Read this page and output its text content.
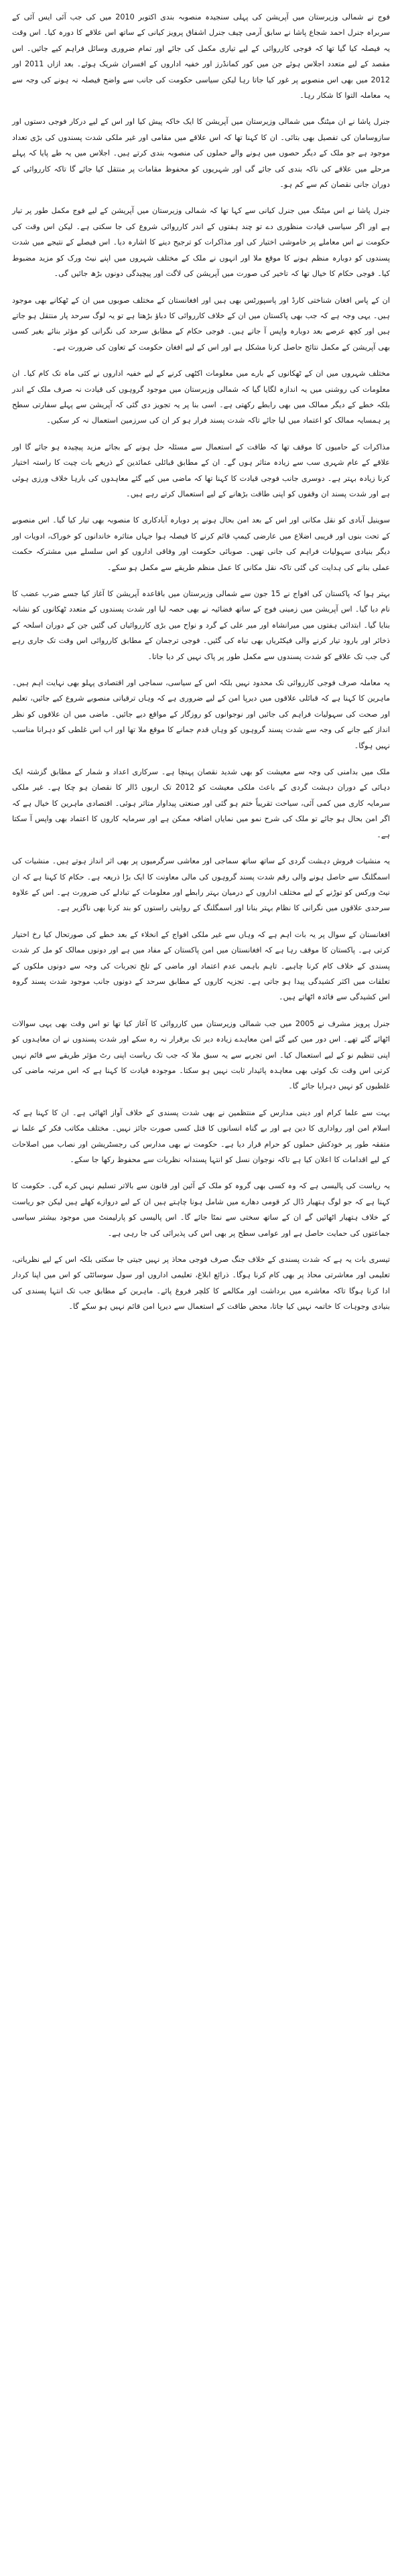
فوج نے شمالی وزیرستان میں آپریشن کی پہلی سنجیدہ منصوبہ بندی اکتوبر 2010 میں کی جب آئی ایس آئی کے سربراہ جنرل احمد شجاع پاشا نے سابق آرمی چیف جنرل اشفاق پرویز کیانی کے ساتھ اس علاقے کا دورہ کیا۔ اس وقت یہ فیصلہ کیا گیا تھا کہ فوجی کارروائی کے لیے تیاری مکمل کی جائے اور تمام ضروری وسائل فراہم کیے جائیں۔ اس مقصد کے لیے متعدد اجلاس ہوئے جن میں کور کمانڈرز اور خفیہ اداروں کے افسران شریک ہوئے۔ بعد ازاں 2011 اور 2012 میں بھی اس منصوبے پر غور کیا جاتا رہا لیکن سیاسی حکومت کی جانب سے واضح فیصلہ نہ ہونے کی وجہ سے یہ معاملہ التوا کا شکار رہا۔

جنرل پاشا نے ان میٹنگ میں شمالی وزیرستان میں آپریشن کا ایک خاکہ پیش کیا اور اس کے لیے درکار فوجی دستوں اور سازوسامان کی تفصیل بھی بتائی۔ ان کا کہنا تھا کہ اس علاقے میں مقامی اور غیر ملکی شدت پسندوں کی بڑی تعداد موجود ہے جو ملک کے دیگر حصوں میں ہونے والے حملوں کی منصوبہ بندی کرتے ہیں۔ اجلاس میں یہ طے پایا کہ پہلے مرحلے میں علاقے کی ناکہ بندی کی جائے گی اور شہریوں کو محفوظ مقامات پر منتقل کیا جائے گا تاکہ کارروائی کے دوران جانی نقصان کم سے کم ہو۔

جنرل پاشا نے اس میٹنگ میں جنرل کیانی سے کہا تھا کہ شمالی وزیرستان میں آپریشن کے لیے فوج مکمل طور پر تیار ہے اور اگر سیاسی قیادت منظوری دے تو چند ہفتوں کے اندر کارروائی شروع کی جا سکتی ہے۔ لیکن اس وقت کی حکومت نے اس معاملے پر خاموشی اختیار کی اور مذاکرات کو ترجیح دینے کا اشارہ دیا۔ اس فیصلے کے نتیجے میں شدت پسندوں کو دوبارہ منظم ہونے کا موقع ملا اور انہوں نے ملک کے مختلف شہروں میں اپنے نیٹ ورک کو مزید مضبوط کیا۔ فوجی حکام کا خیال تھا کہ تاخیر کی صورت میں آپریشن کی لاگت اور پیچیدگی دونوں بڑھ جائیں گی۔

ان کے پاس افغان شناختی کارڈ اور پاسپورٹس بھی ہیں اور افغانستان کے مختلف صوبوں میں ان کے ٹھکانے بھی موجود ہیں۔ یہی وجہ ہے کہ جب بھی پاکستان میں ان کے خلاف کارروائی کا دباؤ بڑھتا ہے تو یہ لوگ سرحد پار منتقل ہو جاتے ہیں اور کچھ عرصے بعد دوبارہ واپس آ جاتے ہیں۔ فوجی حکام کے مطابق سرحد کی نگرانی کو مؤثر بنائے بغیر کسی بھی آپریشن کے مکمل نتائج حاصل کرنا مشکل ہے اور اس کے لیے افغان حکومت کے تعاون کی ضرورت ہے۔

مختلف شہروں میں ان کے ٹھکانوں کے بارے میں معلومات اکٹھی کرنے کے لیے خفیہ اداروں نے کئی ماہ تک کام کیا۔ ان معلومات کی روشنی میں یہ اندازہ لگایا گیا کہ شمالی وزیرستان میں موجود گروہوں کی قیادت نہ صرف ملک کے اندر بلکہ خطے کے دیگر ممالک میں بھی رابطے رکھتی ہے۔ اسی بنا پر یہ تجویز دی گئی کہ آپریشن سے پہلے سفارتی سطح پر ہمسایہ ممالک کو اعتماد میں لیا جائے تاکہ شدت پسند فرار ہو کر ان کی سرزمین استعمال نہ کر سکیں۔

مذاکرات کے حامیوں کا موقف تھا کہ طاقت کے استعمال سے مسئلہ حل ہونے کے بجائے مزید پیچیدہ ہو جائے گا اور علاقے کے عام شہری سب سے زیادہ متاثر ہوں گے۔ ان کے مطابق قبائلی عمائدین کے ذریعے بات چیت کا راستہ اختیار کرنا زیادہ بہتر ہے۔ دوسری جانب فوجی قیادت کا کہنا تھا کہ ماضی میں کیے گئے معاہدوں کی بارہا خلاف ورزی ہوئی ہے اور شدت پسند ان وقفوں کو اپنی طاقت بڑھانے کے لیے استعمال کرتے رہے ہیں۔

سوینیل آبادی کو نقل مکانی اور اس کے بعد امن بحال ہونے پر دوبارہ آبادکاری کا منصوبہ بھی تیار کیا گیا۔ اس منصوبے کے تحت بنوں اور قریبی اضلاع میں عارضی کیمپ قائم کرنے کا فیصلہ ہوا جہاں متاثرہ خاندانوں کو خوراک، ادویات اور دیگر بنیادی سہولیات فراہم کی جانی تھیں۔ صوبائی حکومت اور وفاقی اداروں کو اس سلسلے میں مشترکہ حکمت عملی بنانے کی ہدایت کی گئی تاکہ نقل مکانی کا عمل منظم طریقے سے مکمل ہو سکے۔

بہتر ہوا کہ پاکستان کی افواج نے 15 جون سے شمالی وزیرستان میں باقاعدہ آپریشن کا آغاز کیا جسے ضرب عضب کا نام دیا گیا۔ اس آپریشن میں زمینی فوج کے ساتھ فضائیہ نے بھی حصہ لیا اور شدت پسندوں کے متعدد ٹھکانوں کو نشانہ بنایا گیا۔ ابتدائی ہفتوں میں میرانشاہ اور میر علی کے گرد و نواح میں بڑی کارروائیاں کی گئیں جن کے دوران اسلحہ کے ذخائر اور بارود تیار کرنے والی فیکٹریاں بھی تباہ کی گئیں۔ فوجی ترجمان کے مطابق کارروائی اس وقت تک جاری رہے گی جب تک علاقے کو شدت پسندوں سے مکمل طور پر پاک نہیں کر دیا جاتا۔

یہ معاملہ صرف فوجی کارروائی تک محدود نہیں بلکہ اس کے سیاسی، سماجی اور اقتصادی پہلو بھی نہایت اہم ہیں۔ ماہرین کا کہنا ہے کہ قبائلی علاقوں میں دیرپا امن کے لیے ضروری ہے کہ وہاں ترقیاتی منصوبے شروع کیے جائیں، تعلیم اور صحت کی سہولیات فراہم کی جائیں اور نوجوانوں کو روزگار کے مواقع دیے جائیں۔ ماضی میں ان علاقوں کو نظر انداز کیے جانے کی وجہ سے شدت پسند گروہوں کو وہاں قدم جمانے کا موقع ملا تھا اور اب اس غلطی کو دہرانا مناسب نہیں ہوگا۔

ملک میں بدامنی کی وجہ سے معیشت کو بھی شدید نقصان پہنچا ہے۔ سرکاری اعداد و شمار کے مطابق گزشتہ ایک دہائی کے دوران دہشت گردی کے باعث ملکی معیشت کو 2012 تک اربوں ڈالر کا نقصان ہو چکا ہے۔ غیر ملکی سرمایہ کاری میں کمی آئی، سیاحت تقریباً ختم ہو گئی اور صنعتی پیداوار متاثر ہوئی۔ اقتصادی ماہرین کا خیال ہے کہ اگر امن بحال ہو جائے تو ملک کی شرح نمو میں نمایاں اضافہ ممکن ہے اور سرمایہ کاروں کا اعتماد بھی واپس آ سکتا ہے۔

یہ منشیات فروش دہشت گردی کے ساتھ ساتھ سماجی اور معاشی سرگرمیوں پر بھی اثر انداز ہوتے ہیں۔ منشیات کی اسمگلنگ سے حاصل ہونے والی رقم شدت پسند گروہوں کی مالی معاونت کا ایک بڑا ذریعہ ہے۔ حکام کا کہنا ہے کہ ان نیٹ ورکس کو توڑنے کے لیے مختلف اداروں کے درمیان بہتر رابطے اور معلومات کے تبادلے کی ضرورت ہے۔ اس کے علاوہ سرحدی علاقوں میں نگرانی کا نظام بہتر بنانا اور اسمگلنگ کے روایتی راستوں کو بند کرنا بھی ناگزیر ہے۔

افغانستان کے سوال پر یہ بات اہم ہے کہ وہاں سے غیر ملکی افواج کے انخلاء کے بعد خطے کی صورتحال کیا رخ اختیار کرتی ہے۔ پاکستان کا موقف رہا ہے کہ افغانستان میں امن پاکستان کے مفاد میں ہے اور دونوں ممالک کو مل کر شدت پسندی کے خلاف کام کرنا چاہیے۔ تاہم باہمی عدم اعتماد اور ماضی کے تلخ تجربات کی وجہ سے دونوں ملکوں کے تعلقات میں اکثر کشیدگی پیدا ہو جاتی ہے۔ تجزیہ کاروں کے مطابق سرحد کے دونوں جانب موجود شدت پسند گروہ اس کشیدگی سے فائدہ اٹھاتے ہیں۔

جنرل پرویز مشرف نے 2005 میں جب شمالی وزیرستان میں کارروائی کا آغاز کیا تھا تو اس وقت بھی یہی سوالات اٹھائے گئے تھے۔ اس دور میں کیے گئے امن معاہدے زیادہ دیر تک برقرار نہ رہ سکے اور شدت پسندوں نے ان معاہدوں کو اپنی تنظیم نو کے لیے استعمال کیا۔ اس تجربے سے یہ سبق ملا کہ جب تک ریاست اپنی رٹ مؤثر طریقے سے قائم نہیں کرتی اس وقت تک کوئی بھی معاہدہ پائیدار ثابت نہیں ہو سکتا۔ موجودہ قیادت کا کہنا ہے کہ اس مرتبہ ماضی کی غلطیوں کو نہیں دہرایا جائے گا۔

بہت سے علما کرام اور دینی مدارس کے منتظمین نے بھی شدت پسندی کے خلاف آواز اٹھائی ہے۔ ان کا کہنا ہے کہ اسلام امن اور رواداری کا دین ہے اور بے گناہ انسانوں کا قتل کسی صورت جائز نہیں۔ مختلف مکاتب فکر کے علما نے متفقہ طور پر خودکش حملوں کو حرام قرار دیا ہے۔ حکومت نے بھی مدارس کی رجسٹریشن اور نصاب میں اصلاحات کے لیے اقدامات کا اعلان کیا ہے تاکہ نوجوان نسل کو انتہا پسندانہ نظریات سے محفوظ رکھا جا سکے۔

یہ ریاست کی پالیسی ہے کہ وہ کسی بھی گروہ کو ملک کے آئین اور قانون سے بالاتر تسلیم نہیں کرے گی۔ حکومت کا کہنا ہے کہ جو لوگ ہتھیار ڈال کر قومی دھارے میں شامل ہونا چاہتے ہیں ان کے لیے دروازے کھلے ہیں لیکن جو ریاست کے خلاف ہتھیار اٹھائیں گے ان کے ساتھ سختی سے نمٹا جائے گا۔ اس پالیسی کو پارلیمنٹ میں موجود بیشتر سیاسی جماعتوں کی حمایت حاصل ہے اور عوامی سطح پر بھی اس کی پذیرائی کی جا رہی ہے۔

تیسری بات یہ ہے کہ شدت پسندی کے خلاف جنگ صرف فوجی محاذ پر نہیں جیتی جا سکتی بلکہ اس کے لیے نظریاتی، تعلیمی اور معاشرتی محاذ پر بھی کام کرنا ہوگا۔ ذرائع ابلاغ، تعلیمی اداروں اور سول سوسائٹی کو اس میں اپنا کردار ادا کرنا ہوگا تاکہ معاشرے میں برداشت اور مکالمے کا کلچر فروغ پائے۔ ماہرین کے مطابق جب تک انتہا پسندی کی بنیادی وجوہات کا خاتمہ نہیں کیا جاتا، محض طاقت کے استعمال سے دیرپا امن قائم نہیں ہو سکے گا۔
